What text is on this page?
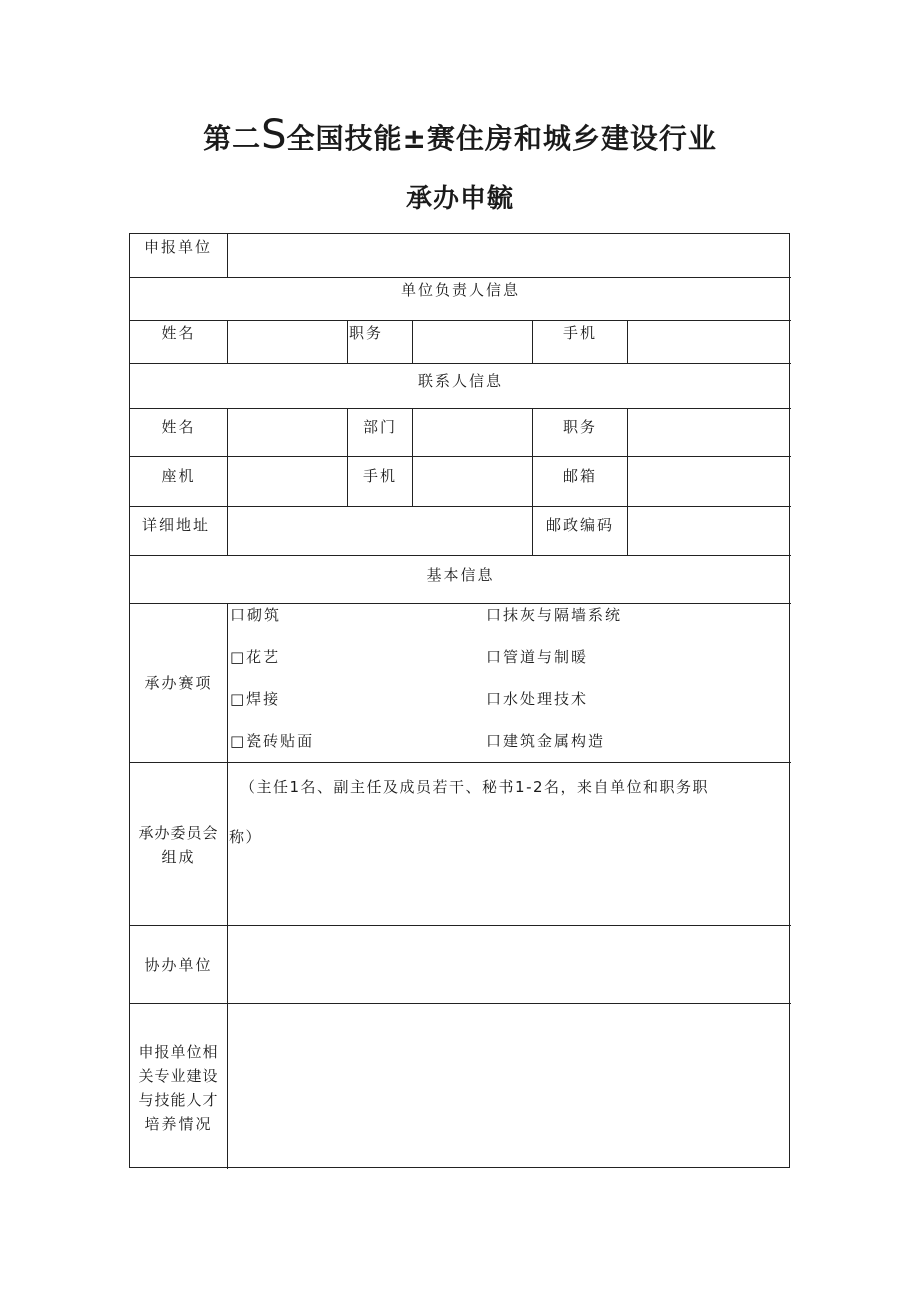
第二S全国技能±赛住房和城乡建设行业
承办申毓
申报单位
单位负责人信息
姓名	职务	手机
联系人信息
姓名	部门	职务
座机	手机	邮箱
详细地址	邮政编码
基本信息
承办赛项
口砌筑	口抹灰与隔墙系统
□花艺	口管道与制暖
□焊接	口水处理技术
□瓷砖贴面	口建筑金属构造
承办委员会
组成
（主任1名、副主任及成员若干、秘书1-2名，来自单位和职务职
称）
协办单位
申报单位相
关专业建设
与技能人才
培养情况
